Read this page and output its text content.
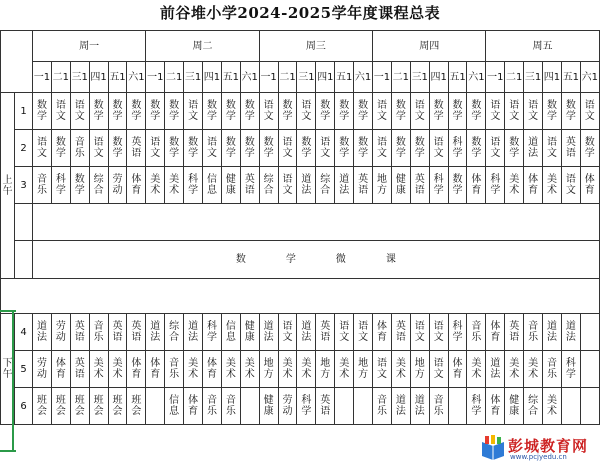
前谷堆小学2024-2025学年度课程总表
		周一						周二						周三						周四						周五					
		一1	二1	三1	四1	五1	六1	一1	二1	三1	四1	五1	六1	一1	二1	三1	四1	五1	六1	一1	二1	三1	四1	五1	六1	一1	二1	三1	四1	五1	六1
上午	1	数学	语文	语文	数学	数学	数学	数学	数学	语文	数学	数学	数学	语文	数学	语文	数学	数学	数学	语文	数学	语文	数学	数学	数学	语文	语文	语文	数学	数学	语文
	2	语文	数学	音乐	语文	数学	英语	语文	数学	数学	语文	数学	数学	数学	语文	数学	语文	数学	数学	语文	数学	数学	语文	科学	数学	语文	数学	道法	语文	英语	数学
	3	音乐	科学	数学	综合	劳动	体育	美术	美术	科学	信息	健康	英语	综合	语文	道法	综合	道法	英语	地方	健康	英语	科学	数学	体育	科学	美术	体育	美术	语文	体育

		数学微课																													

下午	4	道法	劳动	英语	音乐	英语	英语	道法	综合	道法	科学	信息	健康	道法	语文	道法	英语	语文	语文	体育	英语	语文	语文	科学	音乐	体育	英语	音乐	道法	道法	
	5	劳动	体育	英语	美术	美术	体育	体育	音乐	美术	体育	美术	美术	地方	美术	美术	地方	美术	地方	语文	美术	地方	语文	体育	美术	道法	美术	美术	音乐	科学	
	6	班会	班会	班会	班会	班会	班会		信息	体育	音乐	音乐		健康	劳动	科学	英语			音乐	道法	道法	音乐		科学	体育	健康	综合	美术		
彭城教育网
www.pcjyedu.cn
